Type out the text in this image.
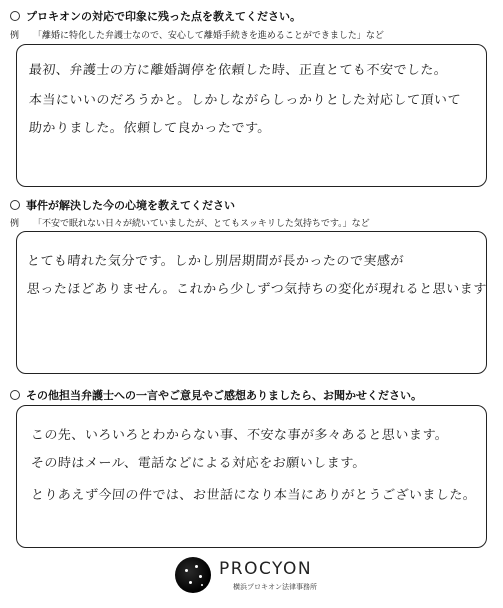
プロキオンの対応で印象に残った点を教えてください。
例 「離婚に特化した弁護士なので、安心して離婚手続きを進めることができました」など
最初、弁護士の方に離婚調停を依頼した時、正直とても不安でした。
本当にいいのだろうかと。しかしながらしっかりとした対応して頂いて
助かりました。依頼して良かったです。
事件が解決した今の心境を教えてください
例 「不安で眠れない日々が続いていましたが、とてもスッキリした気持ちです。」など
とても晴れた気分です。しかし別居期間が長かったので実感が
思ったほどありません。これから少しずつ気持ちの変化が現れると思います
その他担当弁護士への一言やご意見やご感想ありましたら、お聞かせください。
この先、いろいろとわからない事、不安な事が多々あると思います。
その時はメール、電話などによる対応をお願いします。
とりあえず今回の件では、お世話になり本当にありがとうございました。
PROCYON
横浜プロキオン法律事務所
